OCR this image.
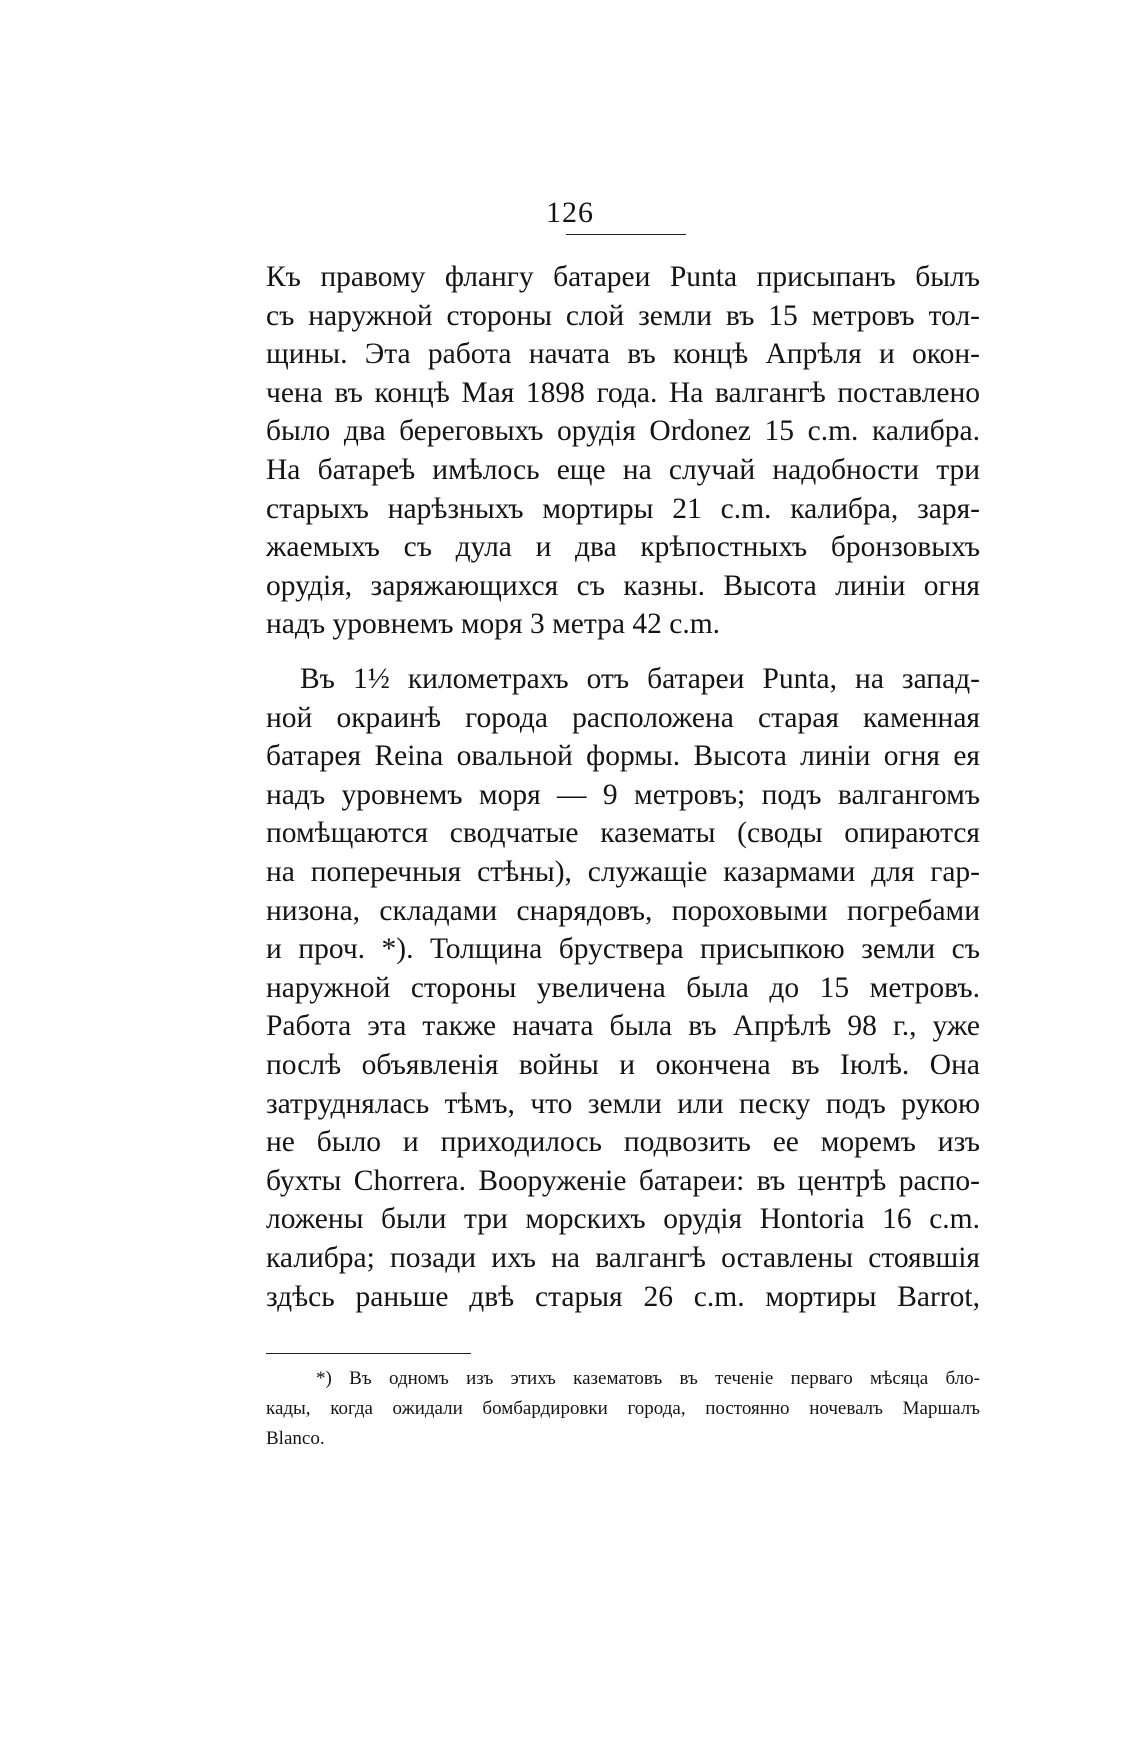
126
Къ правому флангу батареи Punta присыпанъ былъ
съ наружной стороны слой земли въ 15 метровъ тол-
щины. Эта работа начата въ концѣ Апрѣля и окон-
чена въ концѣ Мая 1898 года. На валгангѣ поставлено
было два береговыхъ орудія Ordonez 15 c.m. калибра.
На батареѣ имѣлось еще на случай надобности три
старыхъ нарѣзныхъ мортиры 21 c.m. калибра, заря-
жаемыхъ съ дула и два крѣпостныхъ бронзовыхъ
орудія, заряжающихся съ казны. Высота линіи огня
надъ уровнемъ моря 3 метра 42 c.m.
Въ 1½ километрахъ отъ батареи Punta, на запад-
ной окраинѣ города расположена старая каменная
батарея Reina овальной формы. Высота линіи огня ея
надъ уровнемъ моря — 9 метровъ; подъ валгангомъ
помѣщаются сводчатые казематы (своды опираются
на поперечныя стѣны), служащіе казармами для гар-
низона, складами снарядовъ, пороховыми погребами
и проч. *). Толщина бруствера присыпкою земли съ
наружной стороны увеличена была до 15 метровъ.
Работа эта также начата была въ Апрѣлѣ 98 г., уже
послѣ объявленія войны и окончена въ Іюлѣ. Она
затруднялась тѣмъ, что земли или песку подъ рукою
не было и приходилось подвозить ее моремъ изъ
бухты Chorrera. Вооруженіе батареи: въ центрѣ распо-
ложены были три морскихъ орудія Hontoria 16 c.m.
калибра; позади ихъ на валгангѣ оставлены стоявшія
здѣсь раньше двѣ старыя 26 c.m. мортиры Barrot,
*) Въ одномъ изъ этихъ казематовъ въ теченіе перваго мѣсяца бло-
кады, когда ожидали бомбардировки города, постоянно ночевалъ Маршалъ
Blanco.
